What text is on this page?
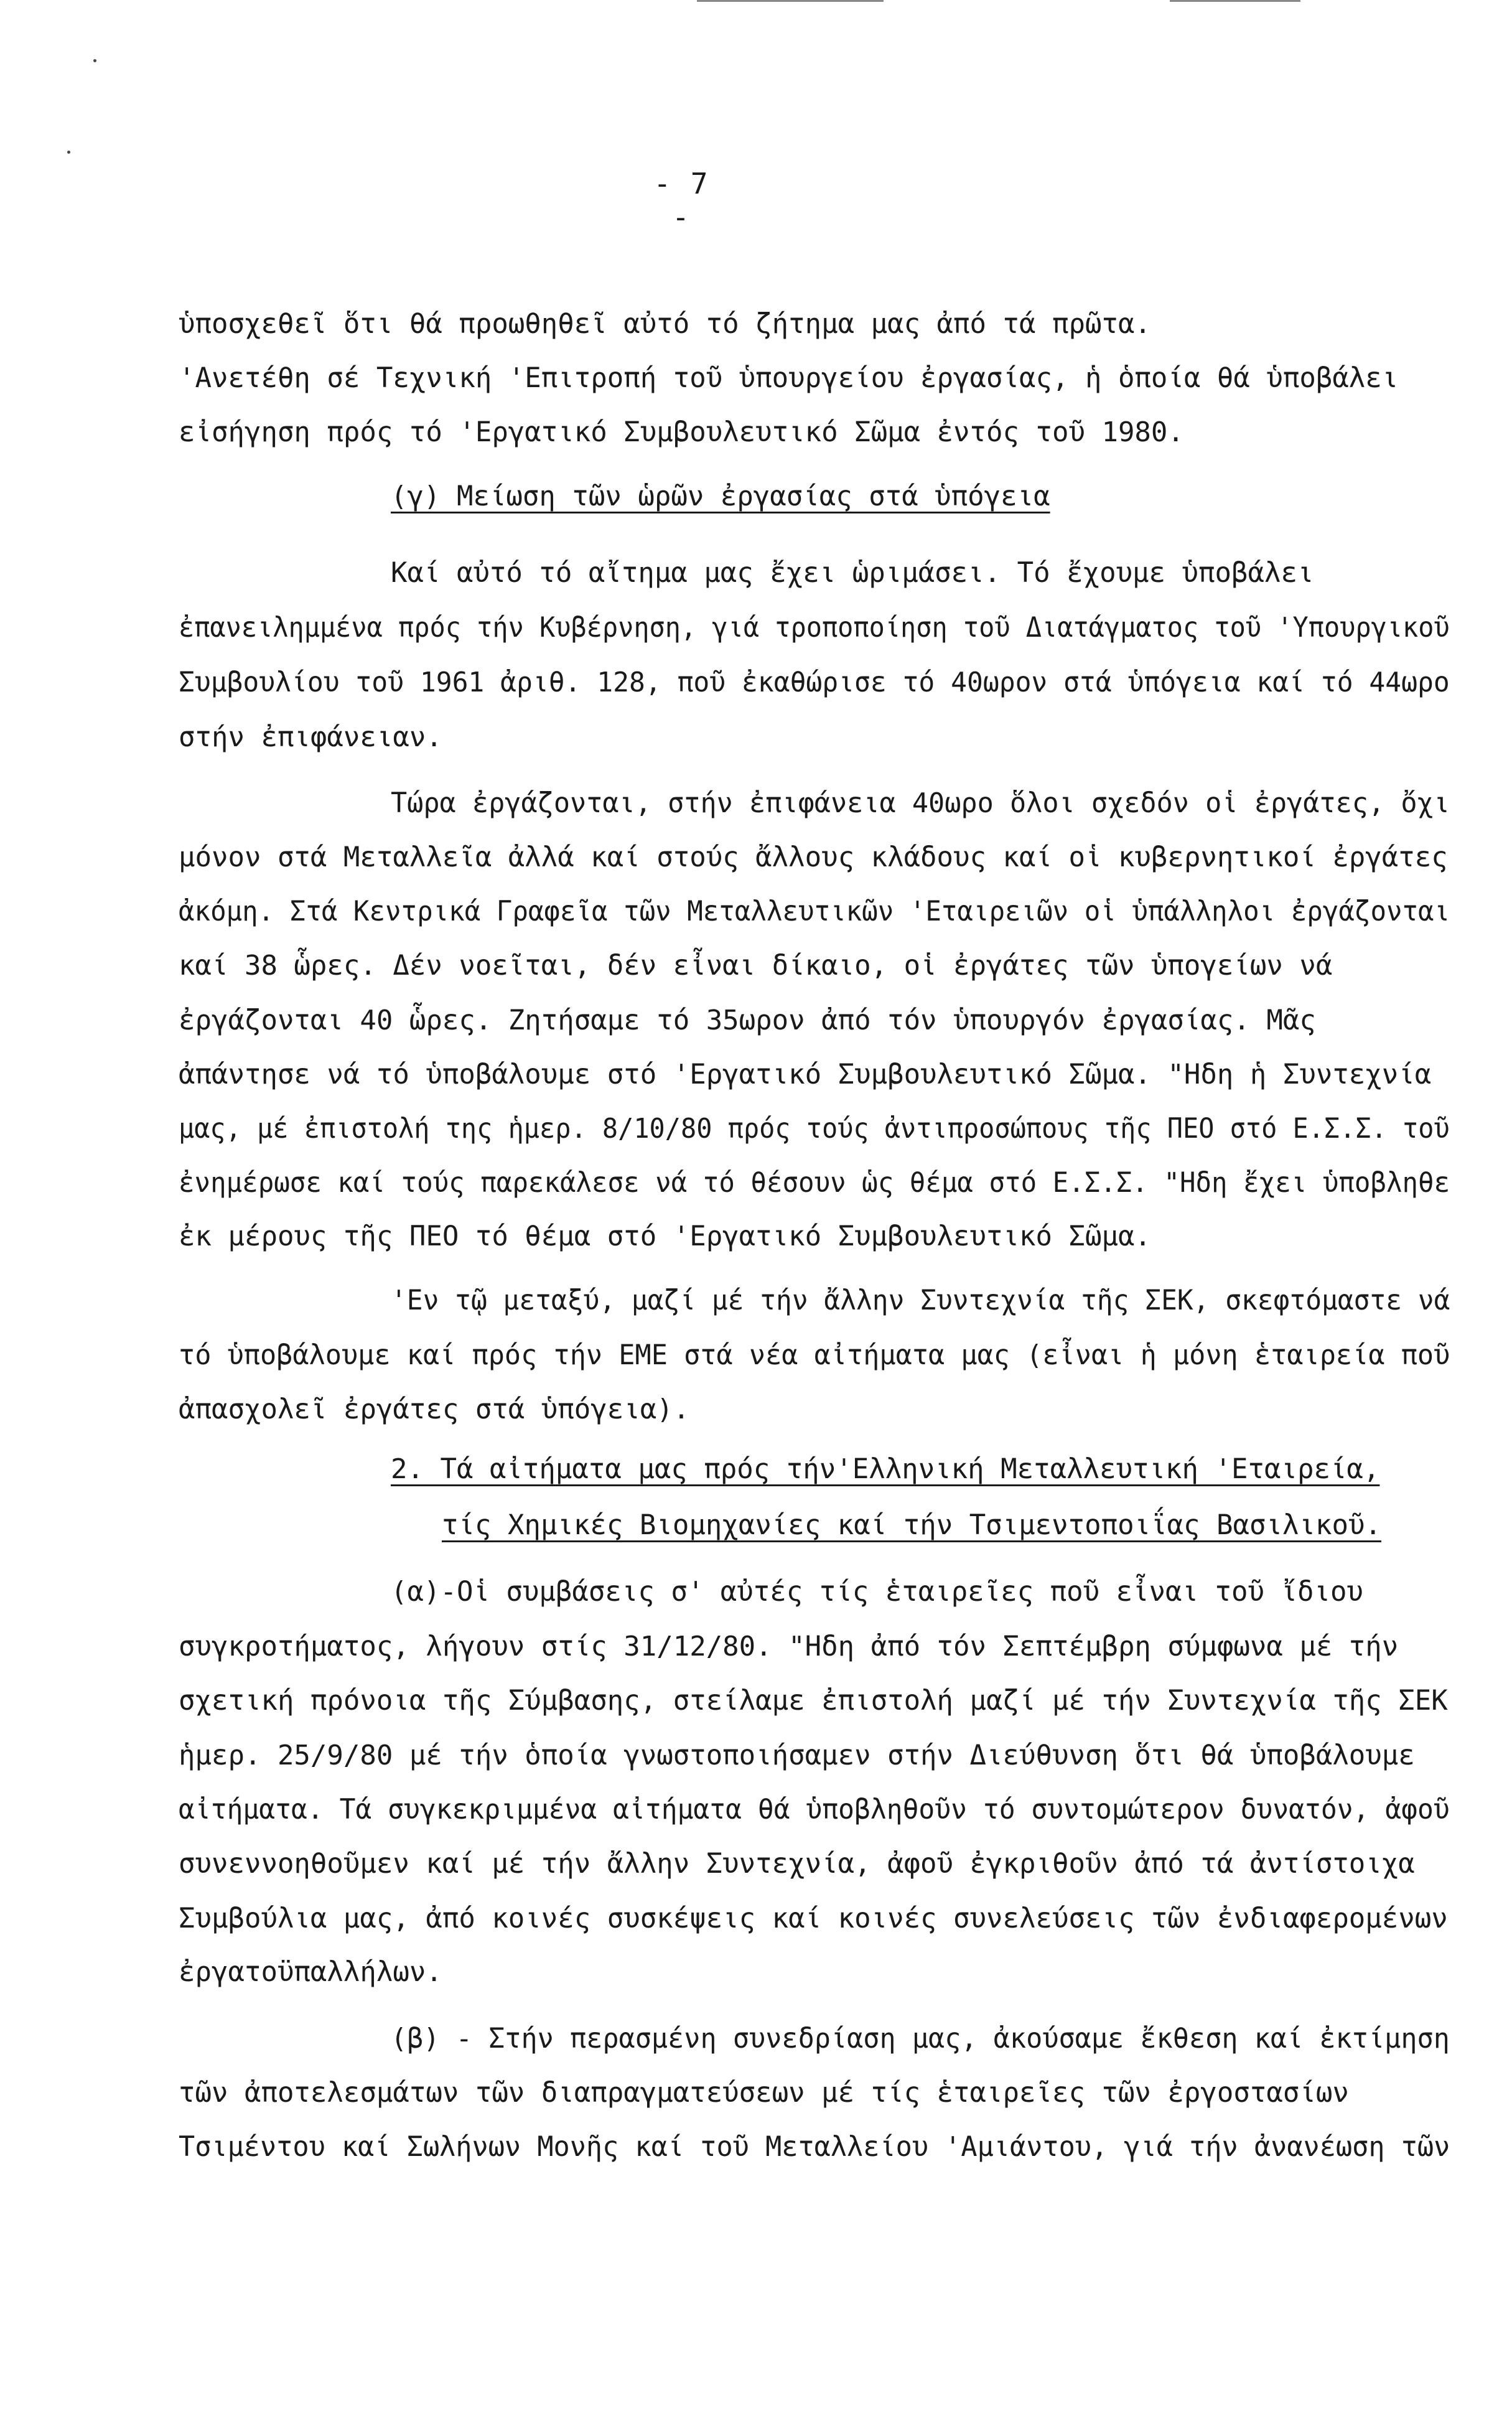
- 7 -
ὑποσχεθεῖ ὅτι θά προωθηθεῖ αὐτό τό ζήτημα μας ἀπό τά πρῶτα.
'Ανετέθη σέ Τεχνική 'Επιτροπή τοῦ ὑπουργείου ἐργασίας, ἡ ὁποία θά ὑποβάλει
εἰσήγηση πρός τό 'Εργατικό Συμβουλευτικό Σῶμα ἐντός τοῦ 1980.
(γ) Μείωση τῶν ὡρῶν ἐργασίας στά ὑπόγεια
Καί αὐτό τό αἴτημα μας ἔχει ὡριμάσει. Τό ἔχουμε ὑποβάλει
ἐπανειλημμένα πρός τήν Κυβέρνηση, γιά τροποποίηση τοῦ Διατάγματος τοῦ 'Υπουργικοῦ
Συμβουλίου τοῦ 1961 ἀριθ. 128, ποῦ ἐκαθώρισε τό 40ωρον στά ὑπόγεια καί τό 44ωρο
στήν ἐπιφάνειαν.
Τώρα ἐργάζονται, στήν ἐπιφάνεια 40ωρο ὅλοι σχεδόν οἱ ἐργάτες, ὄχι
μόνον στά Μεταλλεῖα ἀλλά καί στούς ἄλλους κλάδους καί οἱ κυβερνητικοί ἐργάτες
ἀκόμη. Στά Κεντρικά Γραφεῖα τῶν Μεταλλευτικῶν 'Εταιρειῶν οἱ ὑπάλληλοι ἐργάζονται
καί 38 ὧρες. Δέν νοεῖται, δέν εἶναι δίκαιο, οἱ ἐργάτες τῶν ὑπογείων νά
ἐργάζονται 40 ὧρες. Ζητήσαμε τό 35ωρον ἀπό τόν ὑπουργόν ἐργασίας. Μᾶς
ἀπάντησε νά τό ὑποβάλουμε στό 'Εργατικό Συμβουλευτικό Σῶμα. "Ηδη ἡ Συντεχνία
μας, μέ ἐπιστολή της ἡμερ. 8/10/80 πρός τούς ἀντιπροσώπους τῆς ΠΕΟ στό Ε.Σ.Σ. τοῦ
ἐνημέρωσε καί τούς παρεκάλεσε νά τό θέσουν ὡς θέμα στό Ε.Σ.Σ. "Ηδη ἔχει ὑποβληθε
ἐκ μέρους τῆς ΠΕΟ τό θέμα στό 'Εργατικό Συμβουλευτικό Σῶμα.
'Εν τῷ μεταξύ, μαζί μέ τήν ἄλλην Συντεχνία τῆς ΣΕΚ, σκεφτόμαστε νά
τό ὑποβάλουμε καί πρός τήν ΕΜΕ στά νέα αἰτήματα μας (εἶναι ἡ μόνη ἑταιρεία ποῦ
ἀπασχολεῖ ἐργάτες στά ὑπόγεια).
2. Τά αἰτήματα μας πρός τήν'Ελληνική Μεταλλευτική 'Εταιρεία,
τίς Χημικές Βιομηχανίες καί τήν Τσιμεντοποιΐας Βασιλικοῦ.
(α)-Οἱ συμβάσεις σ' αὐτές τίς ἑταιρεῖες ποῦ εἶναι τοῦ ἴδιου
συγκροτήματος, λήγουν στίς 31/12/80. "Ηδη ἀπό τόν Σεπτέμβρη σύμφωνα μέ τήν
σχετική πρόνοια τῆς Σύμβασης, στείλαμε ἐπιστολή μαζί μέ τήν Συντεχνία τῆς ΣΕΚ
ἡμερ. 25/9/80 μέ τήν ὁποία γνωστοποιήσαμεν στήν Διεύθυνση ὅτι θά ὑποβάλουμε
αἰτήματα. Τά συγκεκριμμένα αἰτήματα θά ὑποβληθοῦν τό συντομώτερον δυνατόν, ἀφοῦ
συνεννοηθοῦμεν καί μέ τήν ἄλλην Συντεχνία, ἀφοῦ ἐγκριθοῦν ἀπό τά ἀντίστοιχα
Συμβούλια μας, ἀπό κοινές συσκέψεις καί κοινές συνελεύσεις τῶν ἐνδιαφερομένων
ἐργατοϋπαλλήλων.
(β) - Στήν περασμένη συνεδρίαση μας, ἀκούσαμε ἔκθεση καί ἐκτίμηση
τῶν ἀποτελεσμάτων τῶν διαπραγματεύσεων μέ τίς ἑταιρεῖες τῶν ἐργοστασίων
Τσιμέντου καί Σωλήνων Μονῆς καί τοῦ Μεταλλείου 'Αμιάντου, γιά τήν ἀνανέωση τῶν
